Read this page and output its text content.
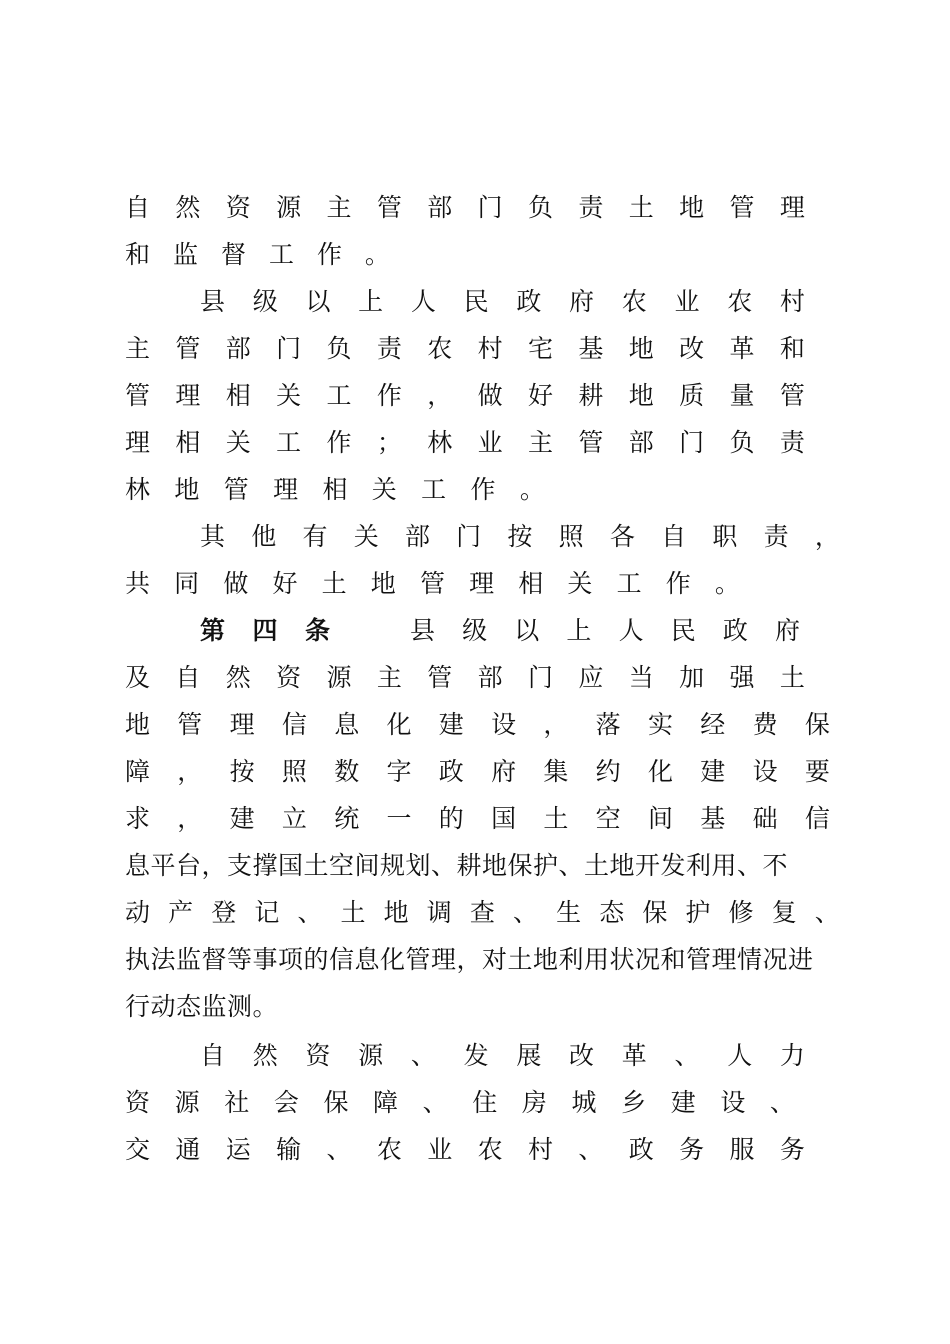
自 然 资 源 主 管 部 门 负 责 土 地 管 理
和 监 督 工 作 。
县 级 以 上 人 民 政 府 农 业 农 村
主 管 部 门 负 责 农 村 宅 基 地 改 革 和
管 理 相 关 工 作 ， 做 好 耕 地 质 量 管
理 相 关 工 作 ； 林 业 主 管 部 门 负 责
林 地 管 理 相 关 工 作 。
其 他 有 关 部 门 按 照 各 自 职 责 ，
共 同 做 好 土 地 管 理 相 关 工 作 。
第 四 条	县 级 以 上 人 民 政 府
及 自 然 资 源 主 管 部 门 应 当 加 强 土
地 管 理 信 息 化 建 设 ， 落 实 经 费 保
障 ， 按 照 数 字 政 府 集 约 化 建 设 要
求 ， 建 立 统 一 的 国 土 空 间 基 础 信
息平台，支撑国土空间规划、耕地保护、土地开发利用、不
动 产 登 记 、 土 地 调 查 、 生 态 保 护 修 复 、
执法监督等事项的信息化管理，对土地利用状况和管理情况进
行动态监测。
自 然 资 源 、 发 展 改 革 、 人 力
资 源 社 会 保 障 、 住 房 城 乡 建 设 、
交 通 运 输 、 农 业 农 村 、 政 务 服 务
